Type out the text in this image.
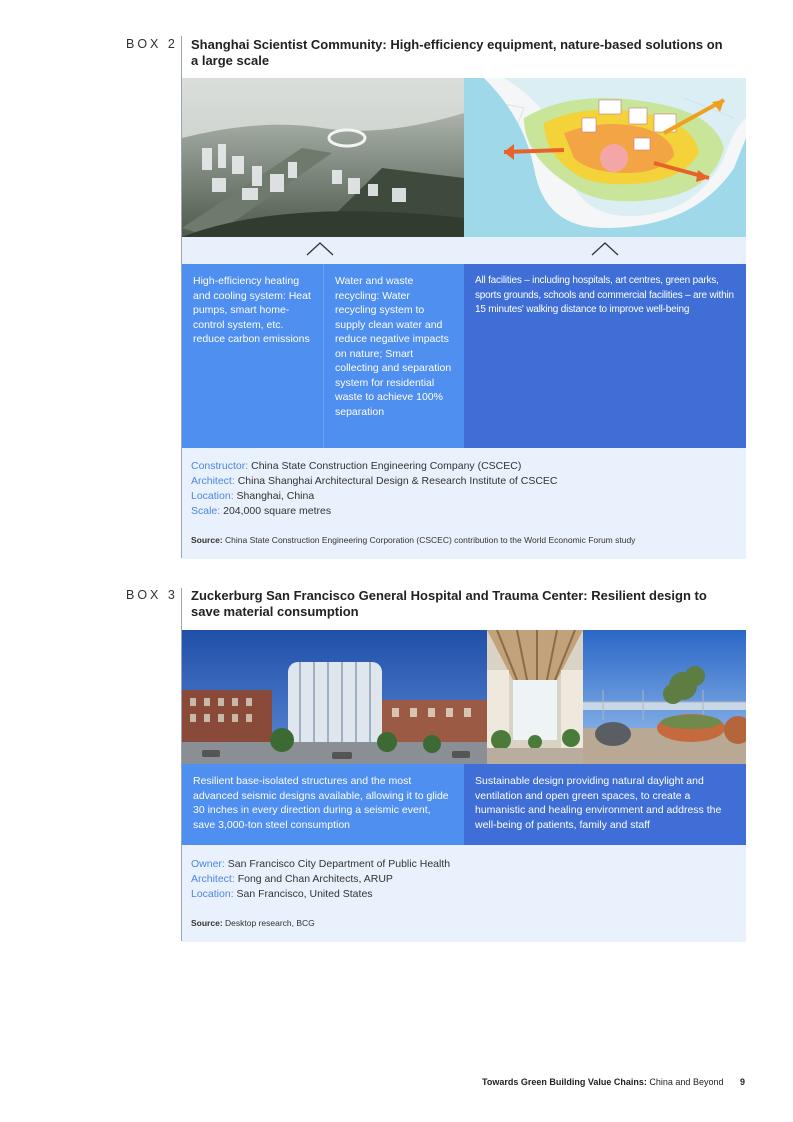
BOX 2 Shanghai Scientist Community: High-efficiency equipment, nature-based solutions on a large scale
High-efficiency heating and cooling system: Heat pumps, smart home-control system, etc. reduce carbon emissions
Water and waste recycling: Water recycling system to supply clean water and reduce negative impacts on nature; Smart collecting and separation system for residential waste to achieve 100% separation
All facilities – including hospitals, art centres, green parks, sports grounds, schools and commercial facilities – are within 15 minutes' walking distance to improve well-being
Constructor: China State Construction Engineering Company (CSCEC)
Architect: China Shanghai Architectural Design & Research Institute of CSCEC
Location: Shanghai, China
Scale: 204,000 square metres
Source: China State Construction Engineering Corporation (CSCEC) contribution to the World Economic Forum study
BOX 3 Zuckerburg San Francisco General Hospital and Trauma Center: Resilient design to save material consumption
Resilient base-isolated structures and the most advanced seismic designs available, allowing it to glide 30 inches in every direction during a seismic event, save 3,000-ton steel consumption
Sustainable design providing natural daylight and ventilation and open green spaces, to create a humanistic and healing environment and address the well-being of patients, family and staff
Owner: San Francisco City Department of Public Health
Architect: Fong and Chan Architects, ARUP
Location: San Francisco, United States
Source: Desktop research, BCG
Towards Green Building Value Chains: China and Beyond 9
